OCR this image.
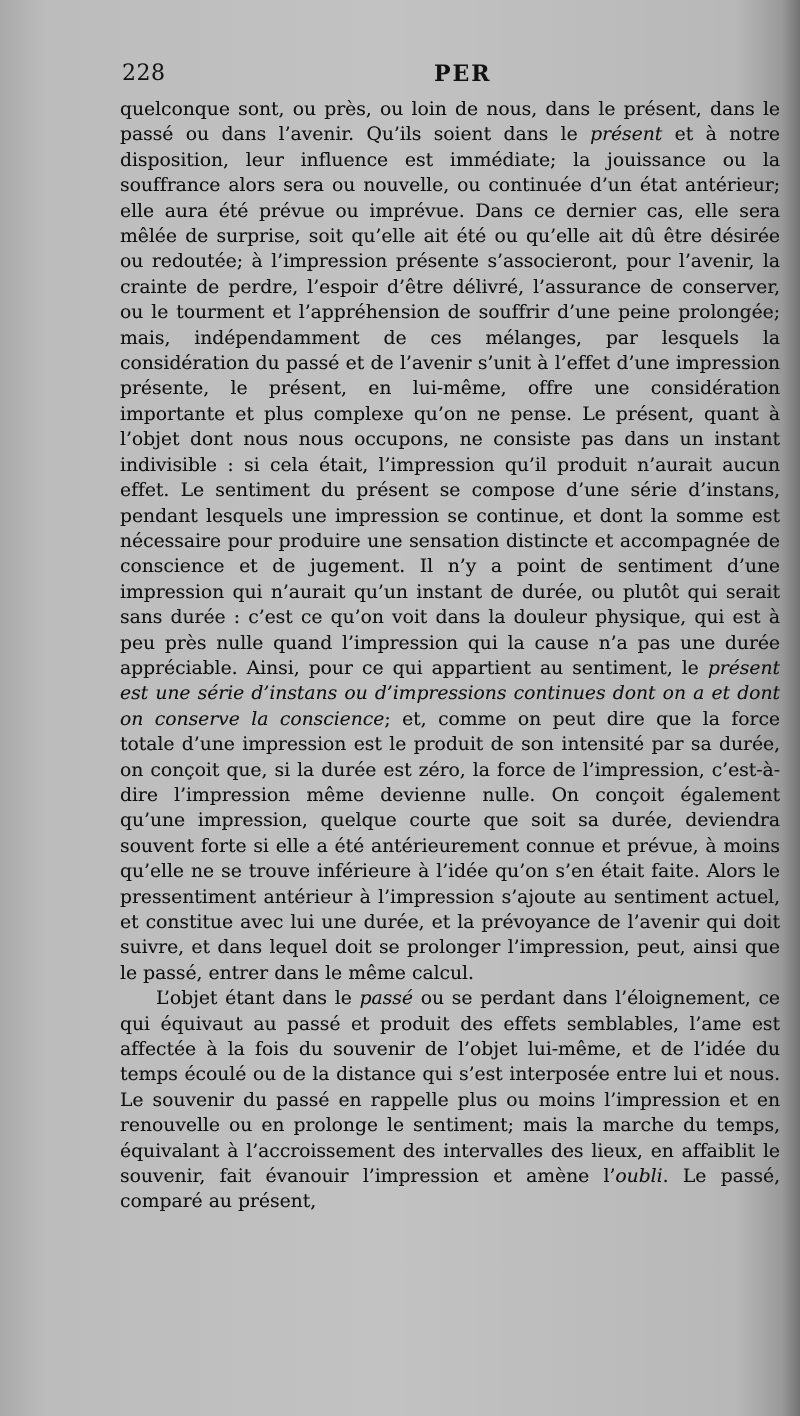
228	PER

quelconque sont, ou près, ou loin de nous, dans le présent, dans le passé ou dans l’avenir. Qu’ils soient dans le présent et à notre disposition, leur influence est immédiate; la jouissance ou la souffrance alors sera ou nouvelle, ou continuée d’un état antérieur; elle aura été prévue ou imprévue. Dans ce dernier cas, elle sera mêlée de surprise, soit qu’elle ait été ou qu’elle ait dû être désirée ou redoutée; à l’impression présente s’associeront, pour l’avenir, la crainte de perdre, l’espoir d’être délivré, l’assurance de conserver, ou le tourment et l’appréhension de souffrir d’une peine prolongée; mais, indépendamment de ces mélanges, par lesquels la considération du passé et de l’avenir s’unit à l’effet d’une impression présente, le présent, en lui-même, offre une considération importante et plus complexe qu’on ne pense. Le présent, quant à l’objet dont nous nous occupons, ne consiste pas dans un instant indivisible : si cela était, l’impression qu’il produit n’aurait aucun effet. Le sentiment du présent se compose d’une série d’instans, pendant lesquels une impression se continue, et dont la somme est nécessaire pour produire une sensation distincte et accompagnée de conscience et de jugement. Il n’y a point de sentiment d’une impression qui n’aurait qu’un instant de durée, ou plutôt qui serait sans durée : c’est ce qu’on voit dans la douleur physique, qui est à peu près nulle quand l’impression qui la cause n’a pas une durée appréciable. Ainsi, pour ce qui appartient au sentiment, le présent est une série d’instans ou d’impressions continues dont on a et dont on conserve la conscience; et, comme on peut dire que la force totale d’une impression est le produit de son intensité par sa durée, on conçoit que, si la durée est zéro, la force de l’impression, c’est-à-dire l’impression même devienne nulle. On conçoit également qu’une impression, quelque courte que soit sa durée, deviendra souvent forte si elle a été antérieurement connue et prévue, à moins qu’elle ne se trouve inférieure à l’idée qu’on s’en était faite. Alors le pressentiment antérieur à l’impression s’ajoute au sentiment actuel, et constitue avec lui une durée, et la prévoyance de l’avenir qui doit suivre, et dans lequel doit se prolonger l’impression, peut, ainsi que le passé, entrer dans le même calcul.

L’objet étant dans le passé ou se perdant dans l’éloignement, ce qui équivaut au passé et produit des effets semblables, l’ame est affectée à la fois du souvenir de l’objet lui-même, et de l’idée du temps écoulé ou de la distance qui s’est interposée entre lui et nous. Le souvenir du passé en rappelle plus ou moins l’impression et en renouvelle ou en prolonge le sentiment; mais la marche du temps, équivalant à l’accroissement des intervalles des lieux, en affaiblit le souvenir, fait évanouir l’impression et amène l’oubli. Le passé, comparé au présent,
